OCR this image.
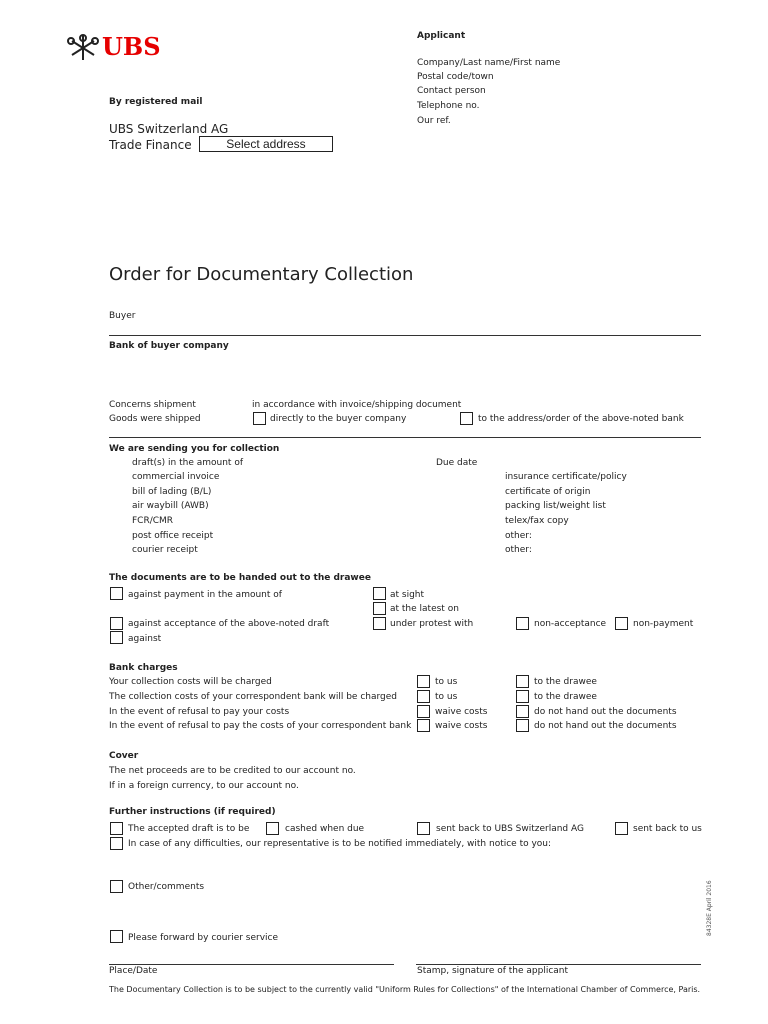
UBS
By registered mail
UBS Switzerland AG
Trade Finance	Select address
Applicant
Company/Last name/First name
Postal code/town
Contact person
Telephone no.
Our ref.
Order for Documentary Collection
Buyer
Bank of buyer company
Concerns shipment	in accordance with invoice/shipping document
Goods were shipped	directly to the buyer company	to the address/order of the above-noted bank
We are sending you for collection
draft(s) in the amount of	Due date
commercial invoice
bill of lading (B/L)
air waybill (AWB)
FCR/CMR
post office receipt
courier receipt
insurance certificate/policy
certificate of origin
packing list/weight list
telex/fax copy
other:
other:
The documents are to be handed out to the drawee
against payment in the amount of	at sight
at the latest on
against acceptance of the above-noted draft	under protest with	non-acceptance	non-payment
against
Bank charges
Your collection costs will be charged	to us	to the drawee
The collection costs of your correspondent bank will be charged	to us	to the drawee
In the event of refusal to pay your costs	waive costs	do not hand out the documents
In the event of refusal to pay the costs of your correspondent bank	waive costs	do not hand out the documents
Cover
The net proceeds are to be credited to our account no.
If in a foreign currency, to our account no.
Further instructions (if required)
The accepted draft is to be	cashed when due	sent back to UBS Switzerland AG	sent back to us
In case of any difficulties, our representative is to be notified immediately, with notice to you:
Other/comments
Please forward by courier service
Place/Date	Stamp, signature of the applicant
The Documentary Collection is to be subject to the currently valid "Uniform Rules for Collections" of the International Chamber of Commerce, Paris.
84328E April 2016
